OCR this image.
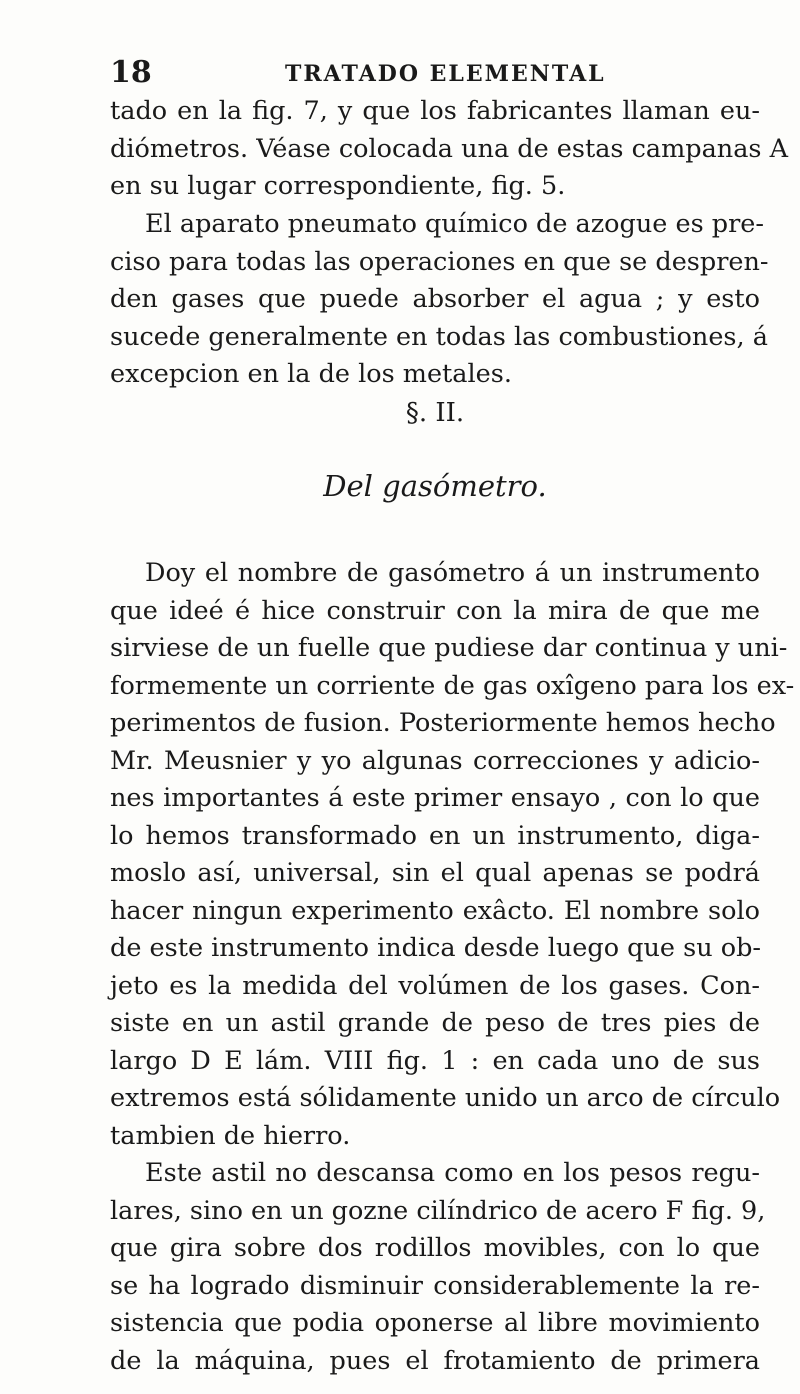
18	TRATADO ELEMENTAL
tado en la fig. 7, y que los fabricantes llaman eu-
diómetros. Véase colocada una de estas campanas A
en su lugar correspondiente, fig. 5.
El aparato pneumato químico de azogue es pre-
ciso para todas las operaciones en que se despren-
den gases que puede absorber el agua ; y esto
sucede generalmente en todas las combustiones, á
excepcion en la de los metales.
§. II.
Del gasómetro.
Doy el nombre de gasómetro á un instrumento
que ideé é hice construir con la mira de que me
sirviese de un fuelle que pudiese dar continua y uni-
formemente un corriente de gas oxîgeno para los ex-
perimentos de fusion. Posteriormente hemos hecho
Mr. Meusnier y yo algunas correcciones y adicio-
nes importantes á este primer ensayo , con lo que
lo hemos transformado en un instrumento, diga-
moslo así, universal, sin el qual apenas se podrá
hacer ningun experimento exâcto. El nombre solo
de este instrumento indica desde luego que su ob-
jeto es la medida del volúmen de los gases. Con-
siste en un astil grande de peso de tres pies de
largo D E lám. VIII fig. 1 : en cada uno de sus
extremos está sólidamente unido un arco de círculo
tambien de hierro.
Este astil no descansa como en los pesos regu-
lares, sino en un gozne cilíndrico de acero F fig. 9,
que gira sobre dos rodillos movibles, con lo que
se ha logrado disminuir considerablemente la re-
sistencia que podia oponerse al libre movimiento
de la máquina, pues el frotamiento de primera
